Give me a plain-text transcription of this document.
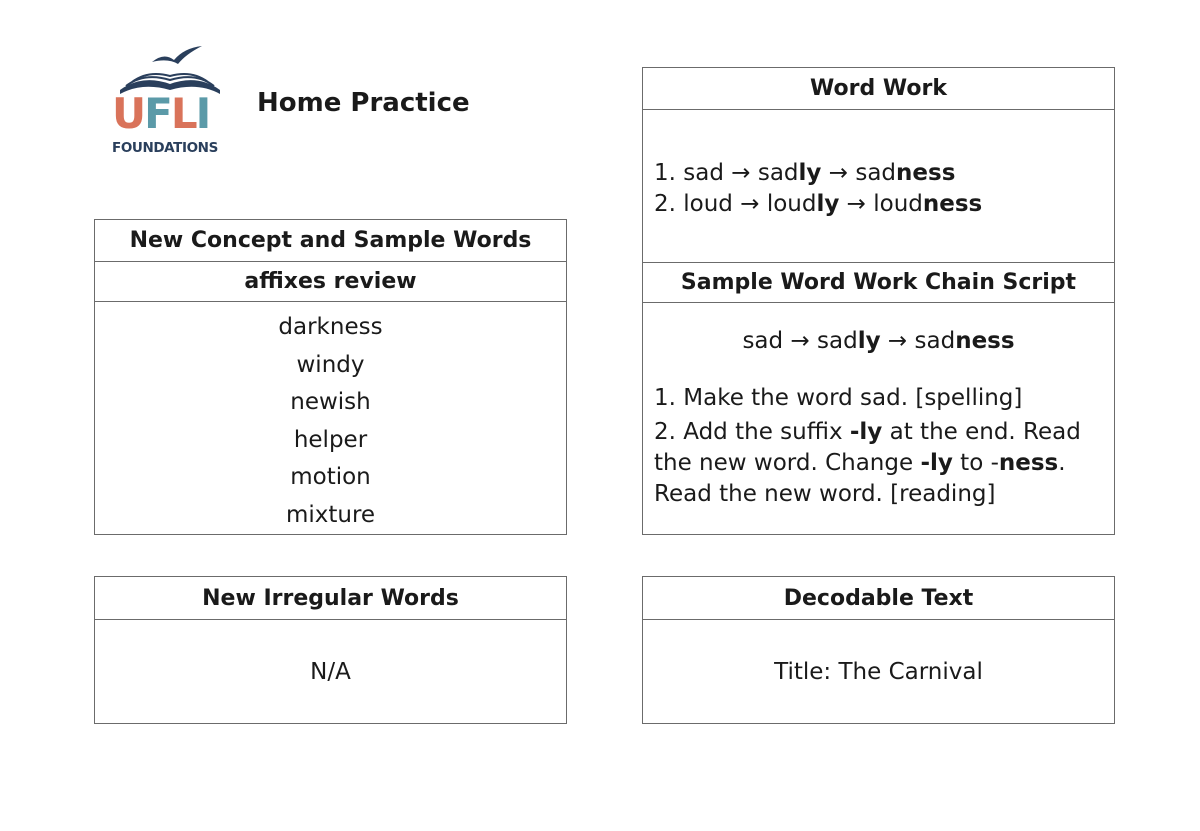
U F L I
FOUNDATIONS
Home Practice
New Concept and Sample Words
affixes review
darkness
windy
newish
helper
motion
mixture
Word Work
1. sad → sadly → sadness
2. loud → loudly → loudness
Sample Word Work Chain Script
sad → sadly → sadness

1. Make the word sad. [spelling]

2. Add the suffix -ly at the end. Read the new word. Change -ly to -ness. Read the new word. [reading]

New Irregular Words
N/A
Decodable Text
Title: The Carnival
